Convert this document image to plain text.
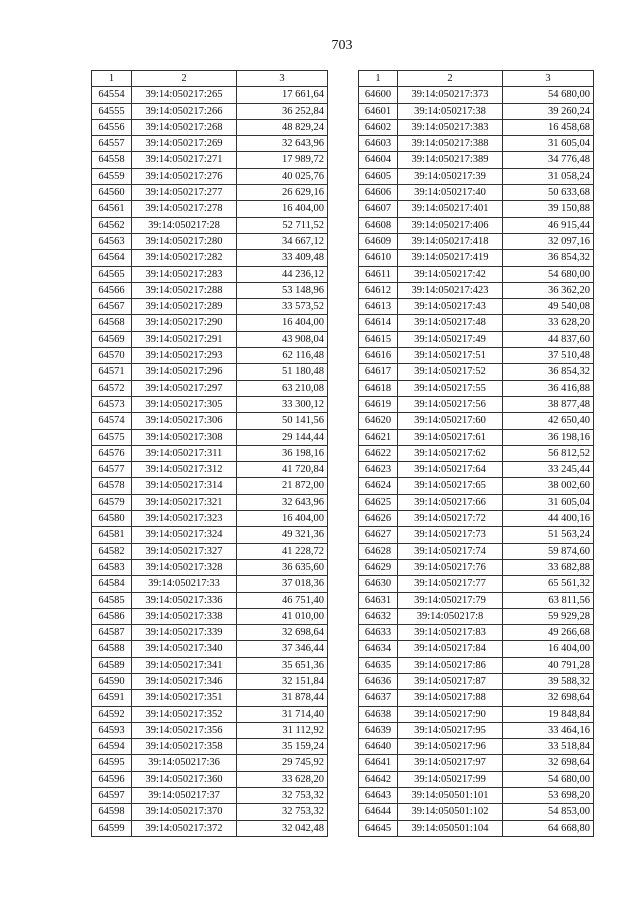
703
1	2	3
64554	39:14:050217:265	17 661,64
64555	39:14:050217:266	36 252,84
64556	39:14:050217:268	48 829,24
64557	39:14:050217:269	32 643,96
64558	39:14:050217:271	17 989,72
64559	39:14:050217:276	40 025,76
64560	39:14:050217:277	26 629,16
64561	39:14:050217:278	16 404,00
64562	39:14:050217:28	52 711,52
64563	39:14:050217:280	34 667,12
64564	39:14:050217:282	33 409,48
64565	39:14:050217:283	44 236,12
64566	39:14:050217:288	53 148,96
64567	39:14:050217:289	33 573,52
64568	39:14:050217:290	16 404,00
64569	39:14:050217:291	43 908,04
64570	39:14:050217:293	62 116,48
64571	39:14:050217:296	51 180,48
64572	39:14:050217:297	63 210,08
64573	39:14:050217:305	33 300,12
64574	39:14:050217:306	50 141,56
64575	39:14:050217:308	29 144,44
64576	39:14:050217:311	36 198,16
64577	39:14:050217:312	41 720,84
64578	39:14:050217:314	21 872,00
64579	39:14:050217:321	32 643,96
64580	39:14:050217:323	16 404,00
64581	39:14:050217:324	49 321,36
64582	39:14:050217:327	41 228,72
64583	39:14:050217:328	36 635,60
64584	39:14:050217:33	37 018,36
64585	39:14:050217:336	46 751,40
64586	39:14:050217:338	41 010,00
64587	39:14:050217:339	32 698,64
64588	39:14:050217:340	37 346,44
64589	39:14:050217:341	35 651,36
64590	39:14:050217:346	32 151,84
64591	39:14:050217:351	31 878,44
64592	39:14:050217:352	31 714,40
64593	39:14:050217:356	31 112,92
64594	39:14:050217:358	35 159,24
64595	39:14:050217:36	29 745,92
64596	39:14:050217:360	33 628,20
64597	39:14:050217:37	32 753,32
64598	39:14:050217:370	32 753,32
64599	39:14:050217:372	32 042,48
1	2	3
64600	39:14:050217:373	54 680,00
64601	39:14:050217:38	39 260,24
64602	39:14:050217:383	16 458,68
64603	39:14:050217:388	31 605,04
64604	39:14:050217:389	34 776,48
64605	39:14:050217:39	31 058,24
64606	39:14:050217:40	50 633,68
64607	39:14:050217:401	39 150,88
64608	39:14:050217:406	46 915,44
64609	39:14:050217:418	32 097,16
64610	39:14:050217:419	36 854,32
64611	39:14:050217:42	54 680,00
64612	39:14:050217:423	36 362,20
64613	39:14:050217:43	49 540,08
64614	39:14:050217:48	33 628,20
64615	39:14:050217:49	44 837,60
64616	39:14:050217:51	37 510,48
64617	39:14:050217:52	36 854,32
64618	39:14:050217:55	36 416,88
64619	39:14:050217:56	38 877,48
64620	39:14:050217:60	42 650,40
64621	39:14:050217:61	36 198,16
64622	39:14:050217:62	56 812,52
64623	39:14:050217:64	33 245,44
64624	39:14:050217:65	38 002,60
64625	39:14:050217:66	31 605,04
64626	39:14:050217:72	44 400,16
64627	39:14:050217:73	51 563,24
64628	39:14:050217:74	59 874,60
64629	39:14:050217:76	33 682,88
64630	39:14:050217:77	65 561,32
64631	39:14:050217:79	63 811,56
64632	39:14:050217:8	59 929,28
64633	39:14:050217:83	49 266,68
64634	39:14:050217:84	16 404,00
64635	39:14:050217:86	40 791,28
64636	39:14:050217:87	39 588,32
64637	39:14:050217:88	32 698,64
64638	39:14:050217:90	19 848,84
64639	39:14:050217:95	33 464,16
64640	39:14:050217:96	33 518,84
64641	39:14:050217:97	32 698,64
64642	39:14:050217:99	54 680,00
64643	39:14:050501:101	53 698,20
64644	39:14:050501:102	54 853,00
64645	39:14:050501:104	64 668,80
